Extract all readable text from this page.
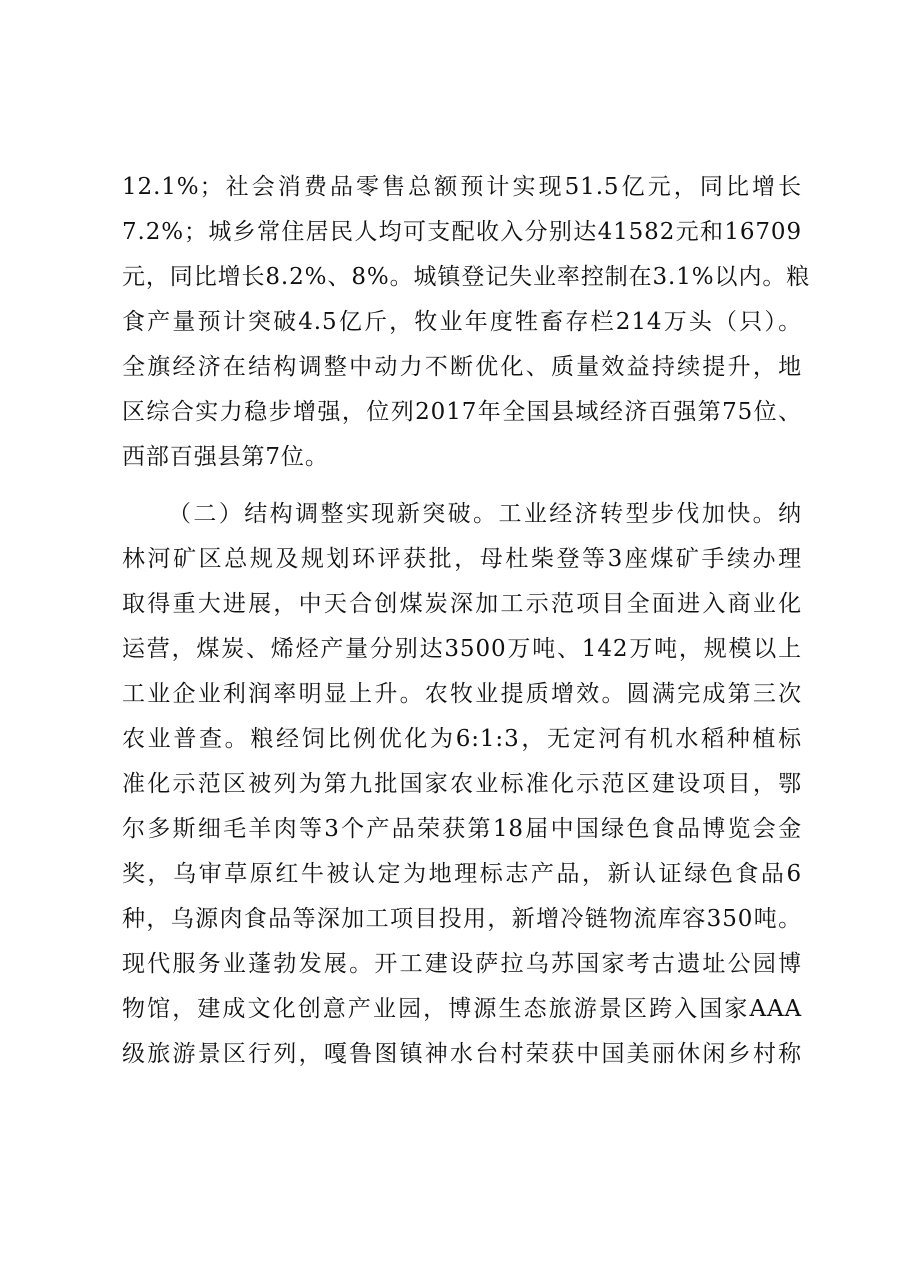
12.1%；社会消费品零售总额预计实现51.5亿元，同比增长
7.2%；城乡常住居民人均可支配收入分别达41582元和16709
元，同比增长8.2%、8%。城镇登记失业率控制在3.1%以内。粮
食产量预计突破4.5亿斤，牧业年度牲畜存栏214万头（只）。
全旗经济在结构调整中动力不断优化、质量效益持续提升，地
区综合实力稳步增强，位列2017年全国县域经济百强第75位、
西部百强县第7位。
（二）结构调整实现新突破。工业经济转型步伐加快。纳
林河矿区总规及规划环评获批，母杜柴登等3座煤矿手续办理
取得重大进展，中天合创煤炭深加工示范项目全面进入商业化
运营，煤炭、烯烃产量分别达3500万吨、142万吨，规模以上
工业企业利润率明显上升。农牧业提质增效。圆满完成第三次
农业普查。粮经饲比例优化为6:1:3，无定河有机水稻种植标
准化示范区被列为第九批国家农业标准化示范区建设项目，鄂
尔多斯细毛羊肉等3个产品荣获第18届中国绿色食品博览会金
奖，乌审草原红牛被认定为地理标志产品，新认证绿色食品6
种，乌源肉食品等深加工项目投用，新增冷链物流库容350吨。
现代服务业蓬勃发展。开工建设萨拉乌苏国家考古遗址公园博
物馆，建成文化创意产业园，博源生态旅游景区跨入国家AAA
级旅游景区行列，嘎鲁图镇神水台村荣获中国美丽休闲乡村称
